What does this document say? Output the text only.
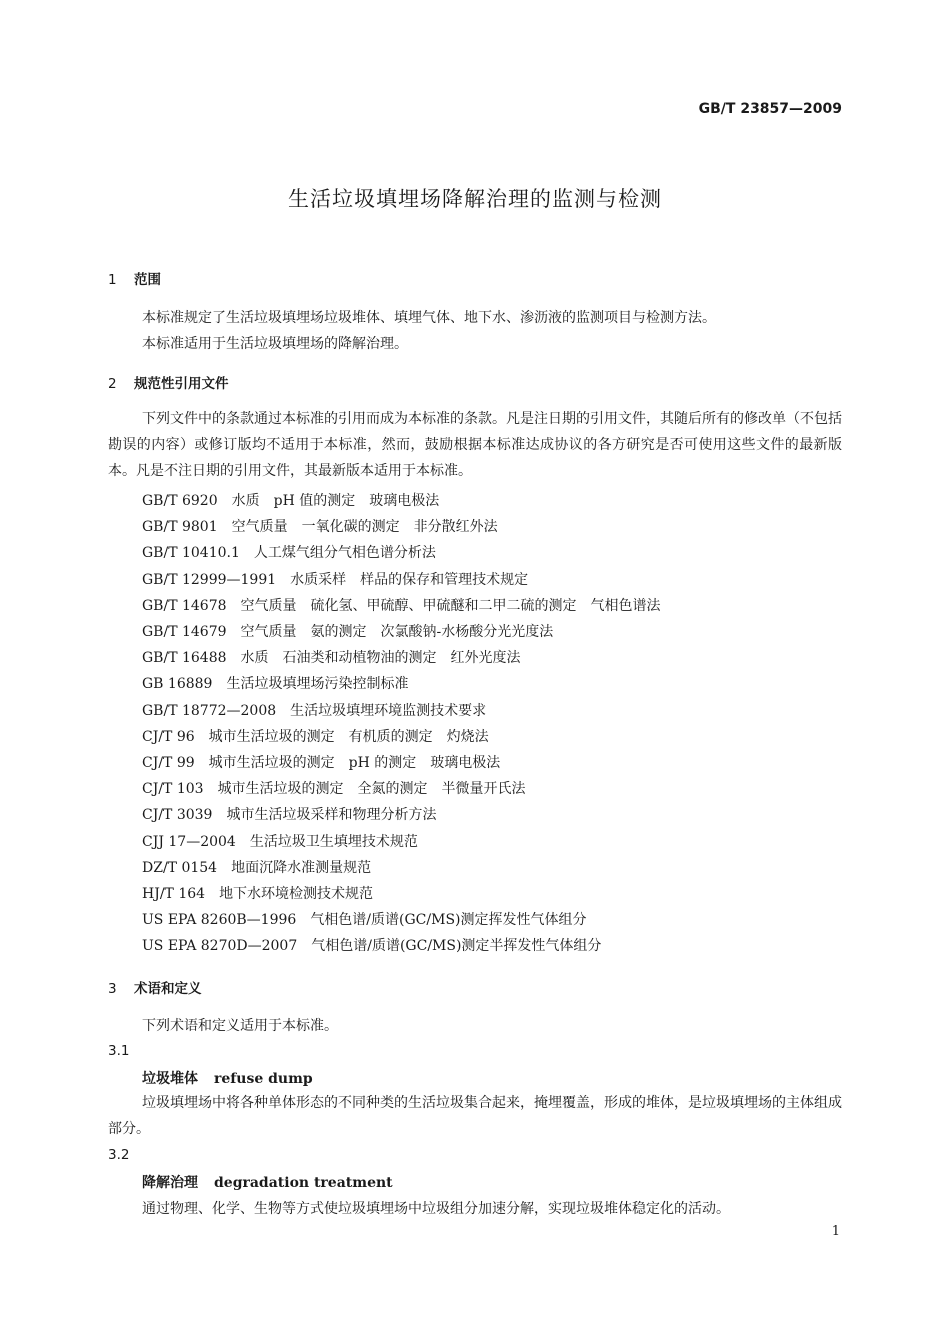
GB/T 23857—2009
生活垃圾填埋场降解治理的监测与检测
1 范围
本标准规定了生活垃圾填埋场垃圾堆体、填埋气体、地下水、渗沥液的监测项目与检测方法。
本标准适用于生活垃圾填埋场的降解治理。
2 规范性引用文件
下列文件中的条款通过本标准的引用而成为本标准的条款。凡是注日期的引用文件，其随后所有的修改单（不包括勘误的内容）或修订版均不适用于本标准，然而，鼓励根据本标准达成协议的各方研究是否可使用这些文件的最新版本。凡是不注日期的引用文件，其最新版本适用于本标准。
GB/T 6920 水质　pH 值的测定　玻璃电极法
GB/T 9801 空气质量　一氧化碳的测定　非分散红外法
GB/T 10410.1 人工煤气组分气相色谱分析法
GB/T 12999—1991 水质采样　样品的保存和管理技术规定
GB/T 14678 空气质量　硫化氢、甲硫醇、甲硫醚和二甲二硫的测定　气相色谱法
GB/T 14679 空气质量　氨的测定　次氯酸钠-水杨酸分光光度法
GB/T 16488 水质　石油类和动植物油的测定　红外光度法
GB 16889 生活垃圾填埋场污染控制标准
GB/T 18772—2008 生活垃圾填埋环境监测技术要求
CJ/T 96 城市生活垃圾的测定　有机质的测定　灼烧法
CJ/T 99 城市生活垃圾的测定　pH 的测定　玻璃电极法
CJ/T 103 城市生活垃圾的测定　全氮的测定　半微量开氏法
CJ/T 3039 城市生活垃圾采样和物理分析方法
CJJ 17—2004 生活垃圾卫生填埋技术规范
DZ/T 0154 地面沉降水准测量规范
HJ/T 164 地下水环境检测技术规范
US EPA 8260B—1996 气相色谱/质谱(GC/MS)测定挥发性气体组分
US EPA 8270D—2007 气相色谱/质谱(GC/MS)测定半挥发性气体组分
3 术语和定义
下列术语和定义适用于本标准。
3.1
垃圾堆体 refuse dump
垃圾填埋场中将各种单体形态的不同种类的生活垃圾集合起来，掩埋覆盖，形成的堆体，是垃圾填埋场的主体组成部分。
3.2
降解治理 degradation treatment
通过物理、化学、生物等方式使垃圾填埋场中垃圾组分加速分解，实现垃圾堆体稳定化的活动。
1
